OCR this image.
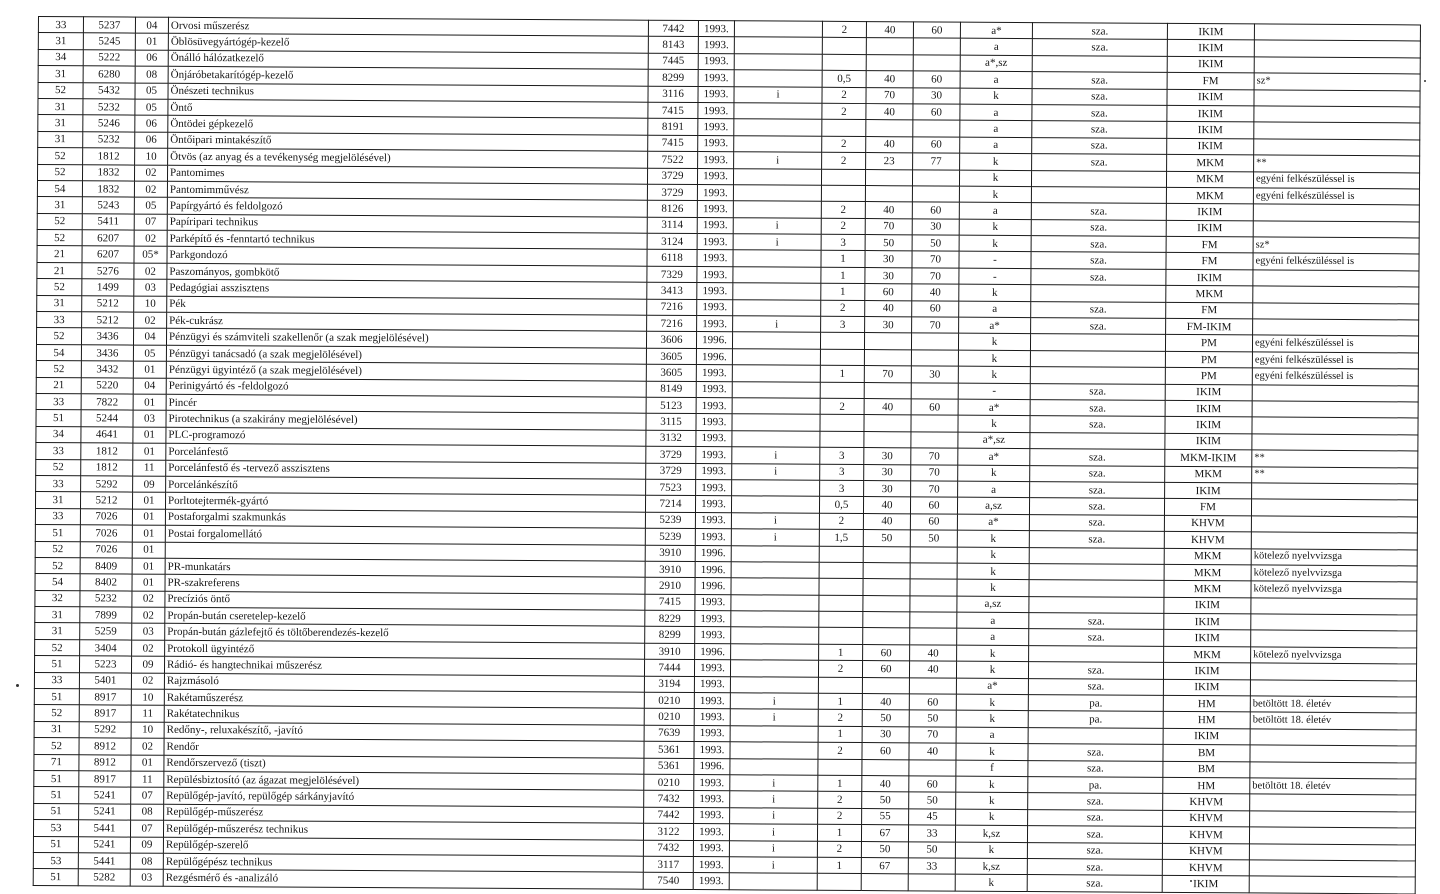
33	5237	04	Orvosi műszerész	7442	1993.		2	40	60	a*	sza.	IKIM	
31	5245	01	Öblösüvegyártógép-kezelő	8143	1993.					a	sza.	IKIM	
34	5222	06	Önálló hálózatkezelő	7445	1993.					a*,sz		IKIM	
31	6280	08	Önjáróbetakarítógép-kezelő	8299	1993.		0,5	40	60	a	sza.	FM	sz*
52	5432	05	Önészeti technikus	3116	1993.	i	2	70	30	k	sza.	IKIM	
31	5232	05	Öntő	7415	1993.		2	40	60	a	sza.	IKIM	
31	5246	06	Öntödei gépkezelő	8191	1993.					a	sza.	IKIM	
31	5232	06	Öntőipari mintakészítő	7415	1993.		2	40	60	a	sza.	IKIM	
52	1812	10	Ötvös (az anyag és a tevékenység megjelölésével)	7522	1993.	i	2	23	77	k	sza.	MKM	**
52	1832	02	Pantomimes	3729	1993.					k		MKM	egyéni felkészüléssel is
54	1832	02	Pantomimművész	3729	1993.					k		MKM	egyéni felkészüléssel is
31	5243	05	Papírgyártó és feldolgozó	8126	1993.		2	40	60	a	sza.	IKIM	
52	5411	07	Papíripari technikus	3114	1993.	i	2	70	30	k	sza.	IKIM	
52	6207	02	Parképítő és -fenntartó technikus	3124	1993.	i	3	50	50	k	sza.	FM	sz*
21	6207	05*	Parkgondozó	6118	1993.		1	30	70	-	sza.	FM	egyéni felkészüléssel is
21	5276	02	Paszományos, gombkötő	7329	1993.		1	30	70	-	sza.	IKIM	
52	1499	03	Pedagógiai asszisztens	3413	1993.		1	60	40	k		MKM	
31	5212	10	Pék	7216	1993.		2	40	60	a	sza.	FM	
33	5212	02	Pék-cukrász	7216	1993.	i	3	30	70	a*	sza.	FM-IKIM	
52	3436	04	Pénzügyi és számviteli szakellenőr (a szak megjelölésével)	3606	1996.					k		PM	egyéni felkészüléssel is
54	3436	05	Pénzügyi tanácsadó (a szak megjelölésével)	3605	1996.					k		PM	egyéni felkészüléssel is
52	3432	01	Pénzügyi ügyintéző (a szak megjelölésével)	3605	1993.		1	70	30	k		PM	egyéni felkészüléssel is
21	5220	04	Perinigyártó és -feldolgozó	8149	1993.					-	sza.	IKIM	
33	7822	01	Pincér	5123	1993.		2	40	60	a*	sza.	IKIM	
51	5244	03	Pirotechnikus (a szakirány megjelölésével)	3115	1993.					k	sza.	IKIM	
34	4641	01	PLC-programozó	3132	1993.					a*,sz		IKIM	
33	1812	01	Porcelánfestő	3729	1993.	i	3	30	70	a*	sza.	MKM-IKIM	**
52	1812	11	Porcelánfestő és -tervező asszisztens	3729	1993.	i	3	30	70	k	sza.	MKM	**
33	5292	09	Porcelánkészítő	7523	1993.		3	30	70	a	sza.	IKIM	
31	5212	01	Porltotejtermék-gyártó	7214	1993.		0,5	40	60	a,sz	sza.	FM	
33	7026	01	Postaforgalmi szakmunkás	5239	1993.	i	2	40	60	a*	sza.	KHVM	
51	7026	01	Postai forgalomellátó	5239	1993.	i	1,5	50	50	k	sza.	KHVM	
52	7026	01		3910	1996.					k		MKM	kötelező nyelvvizsga
52	8409	01	PR-munkatárs	3910	1996.					k		MKM	kötelező nyelvvizsga
54	8402	01	PR-szakreferens	2910	1996.					k		MKM	kötelező nyelvvizsga
32	5232	02	Precíziós öntő	7415	1993.					a,sz		IKIM	
31	7899	02	Propán-bután cseretelep-kezelő	8229	1993.					a	sza.	IKIM	
31	5259	03	Propán-bután gázlefejtő és töltőberendezés-kezelő	8299	1993.					a	sza.	IKIM	
52	3404	02	Protokoll ügyintéző	3910	1996.		1	60	40	k		MKM	kötelező nyelvvizsga
51	5223	09	Rádió- és hangtechnikai műszerész	7444	1993.		2	60	40	k	sza.	IKIM	
33	5401	02	Rajzmásoló	3194	1993.					a*	sza.	IKIM	
51	8917	10	Rakétaműszerész	0210	1993.	i	1	40	60	k	pa.	HM	betöltött 18. életév
52	8917	11	Rakétatechnikus	0210	1993.	i	2	50	50	k	pa.	HM	betöltött 18. életév
31	5292	10	Redőny-, reluxakészítő, -javító	7639	1993.		1	30	70	a		IKIM	
52	8912	02	Rendőr	5361	1993.		2	60	40	k	sza.	BM	
71	8912	01	Rendőrszervező (tiszt)	5361	1996.					f	sza.	BM	
51	8917	11	Repülésbiztosító (az ágazat megjelölésével)	0210	1993.	i	1	40	60	k	pa.	HM	betöltött 18. életév
51	5241	07	Repülőgép-javító, repülőgép sárkányjavító	7432	1993.	i	2	50	50	k	sza.	KHVM	
51	5241	08	Repülőgép-műszerész	7442	1993.	i	2	55	45	k	sza.	KHVM	
53	5441	07	Repülőgép-műszerész technikus	3122	1993.	i	1	67	33	k,sz	sza.	KHVM	
51	5241	09	Repülőgép-szerelő	7432	1993.	i	2	50	50	k	sza.	KHVM	
53	5441	08	Repülőgépész technikus	3117	1993.	i	1	67	33	k,sz	sza.	KHVM	
51	5282	03	Rezgésmérő és -analizáló	7540	1993.					k	sza.	IKIM	
